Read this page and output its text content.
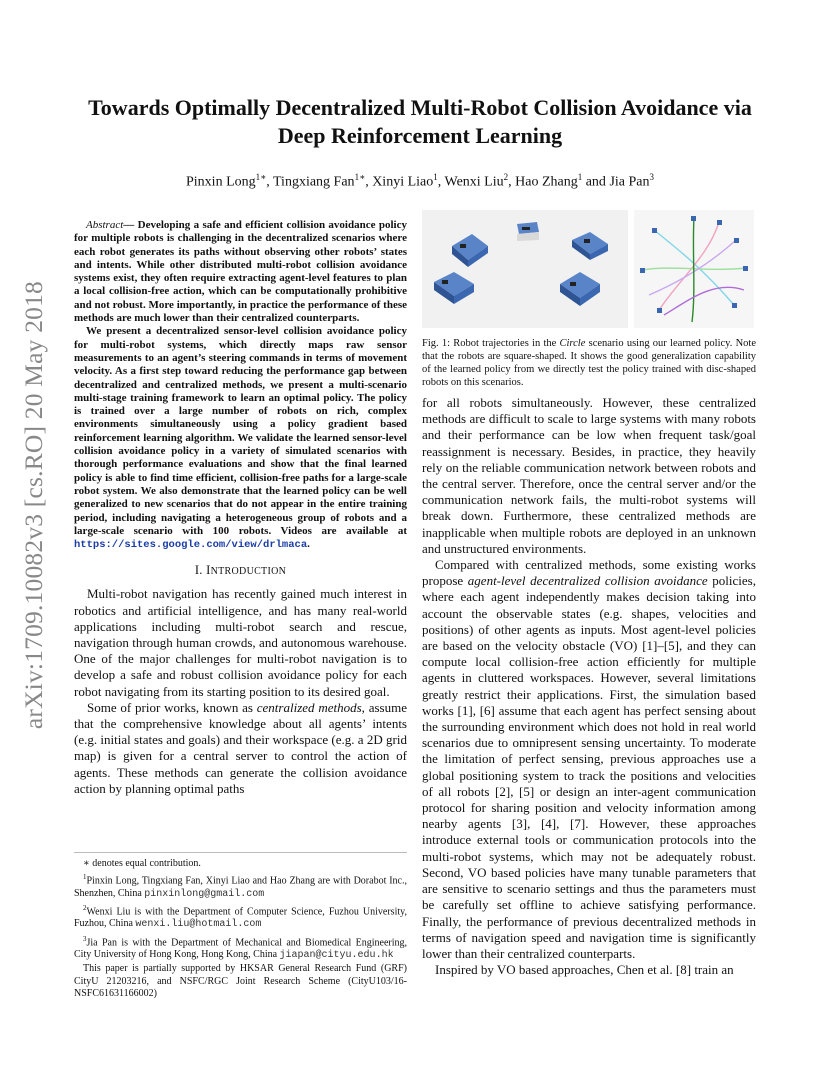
arXiv:1709.10082v3 [cs.RO] 20 May 2018
Towards Optimally Decentralized Multi-Robot Collision Avoidance via
Deep Reinforcement Learning
Pinxin Long$^{1∗}$, Tingxiang Fan$^{1∗}$, Xinyi Liao$^1$, Wenxi Liu$^2$, Hao Zhang$^1$ and Jia Pan$^3$

Abstract— Developing a safe and efficient collision avoidance policy for multiple robots is challenging in the decentralized scenarios where each robot generates its paths without observing other robots’ states and intents. While other distributed multi-robot collision avoidance systems exist, they often require extracting agent-level features to plan a local collision-free action, which can be computationally prohibitive and not robust. More importantly, in practice the performance of these methods are much lower than their centralized counterparts.

We present a decentralized sensor-level collision avoidance policy for multi-robot systems, which directly maps raw sensor measurements to an agent’s steering commands in terms of movement velocity. As a first step toward reducing the performance gap between decentralized and centralized methods, we present a multi-scenario multi-stage training framework to learn an optimal policy. The policy is trained over a large number of robots on rich, complex environments simultaneously using a policy gradient based reinforcement learning algorithm. We validate the learned sensor-level collision avoidance policy in a variety of simulated scenarios with thorough performance evaluations and show that the final learned policy is able to find time efficient, collision-free paths for a large-scale robot system. We also demonstrate that the learned policy can be well generalized to new scenarios that do not appear in the entire training period, including navigating a heterogeneous group of robots and a large-scale scenario with 100 robots. Videos are available at https://sites.google.com/view/drlmaca.

I. INTRODUCTION

Multi-robot navigation has recently gained much interest in robotics and artificial intelligence, and has many real-world applications including multi-robot search and rescue, navigation through human crowds, and autonomous warehouse. One of the major challenges for multi-robot navigation is to develop a safe and robust collision avoidance policy for each robot navigating from its starting position to its desired goal.

Some of prior works, known as centralized methods, assume that the comprehensive knowledge about all agents’ intents (e.g. initial states and goals) and their workspace (e.g. a 2D grid map) is given for a central server to control the action of agents. These methods can generate the collision avoidance action by planning optimal paths

∗ denotes equal contribution.

$^1$Pinxin Long, Tingxiang Fan, Xinyi Liao and Hao Zhang are with Dorabot Inc., Shenzhen, China pinxinlong@gmail.com

$^2$Wenxi Liu is with the Department of Computer Science, Fuzhou University, Fuzhou, China wenxi.liu@hotmail.com

$^3$Jia Pan is with the Department of Mechanical and Biomedical Engineering, City University of Hong Kong, Hong Kong, China jiapan@cityu.edu.hk

This paper is partially supported by HKSAR General Research Fund (GRF) CityU 21203216, and NSFC/RGC Joint Research Scheme (CityU103/16-NSFC61631166002)

Fig. 1: Robot trajectories in the Circle scenario using our learned policy. Note that the robots are square-shaped. It shows the good generalization capability of the learned policy from we directly test the policy trained with disc-shaped robots on this scenarios.

for all robots simultaneously. However, these centralized methods are difficult to scale to large systems with many robots and their performance can be low when frequent task/goal reassignment is necessary. Besides, in practice, they heavily rely on the reliable communication network between robots and the central server. Therefore, once the central server and/or the communication network fails, the multi-robot systems will break down. Furthermore, these centralized methods are inapplicable when multiple robots are deployed in an unknown and unstructured environments.

Compared with centralized methods, some existing works propose agent-level decentralized collision avoidance policies, where each agent independently makes decision taking into account the observable states (e.g. shapes, velocities and positions) of other agents as inputs. Most agent-level policies are based on the velocity obstacle (VO) [1]–[5], and they can compute local collision-free action efficiently for multiple agents in cluttered workspaces. However, several limitations greatly restrict their applications. First, the simulation based works [1], [6] assume that each agent has perfect sensing about the surrounding environment which does not hold in real world scenarios due to omnipresent sensing uncertainty. To moderate the limitation of perfect sensing, previous approaches use a global positioning system to track the positions and velocities of all robots [2], [5] or design an inter-agent communication protocol for sharing position and velocity information among nearby agents [3], [4], [7]. However, these approaches introduce external tools or communication protocols into the multi-robot systems, which may not be adequately robust. Second, VO based policies have many tunable parameters that are sensitive to scenario settings and thus the parameters must be carefully set offline to achieve satisfying performance. Finally, the performance of previous decentralized methods in terms of navigation speed and navigation time is significantly lower than their centralized counterparts.

Inspired by VO based approaches, Chen et al. [8] train an
